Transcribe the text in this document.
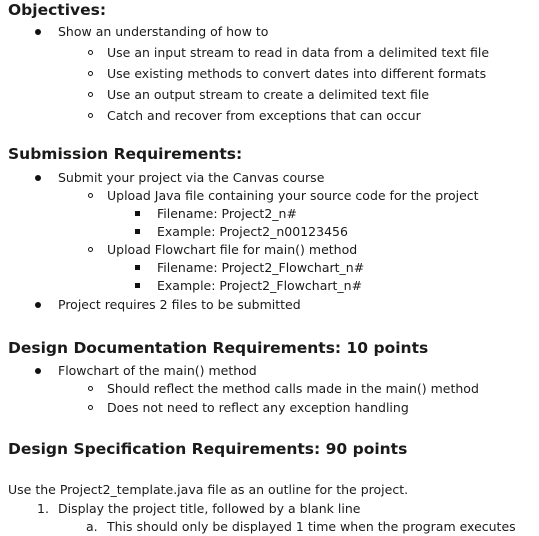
Objectives:
Show an understanding of how to
Use an input stream to read in data from a delimited text file
Use existing methods to convert dates into different formats
Use an output stream to create a delimited text file
Catch and recover from exceptions that can occur
Submission Requirements:
Submit your project via the Canvas course
Upload Java file containing your source code for the project
Filename: Project2_n#
Example: Project2_n00123456
Upload Flowchart file for main() method
Filename: Project2_Flowchart_n#
Example: Project2_Flowchart_n#
Project requires 2 files to be submitted
Design Documentation Requirements: 10 points
Flowchart of the main() method
Should reflect the method calls made in the main() method
Does not need to reflect any exception handling
Design Specification Requirements: 90 points
Use the Project2_template.java file as an outline for the project.
1. Display the project title, followed by a blank line
a. This should only be displayed 1 time when the program executes
